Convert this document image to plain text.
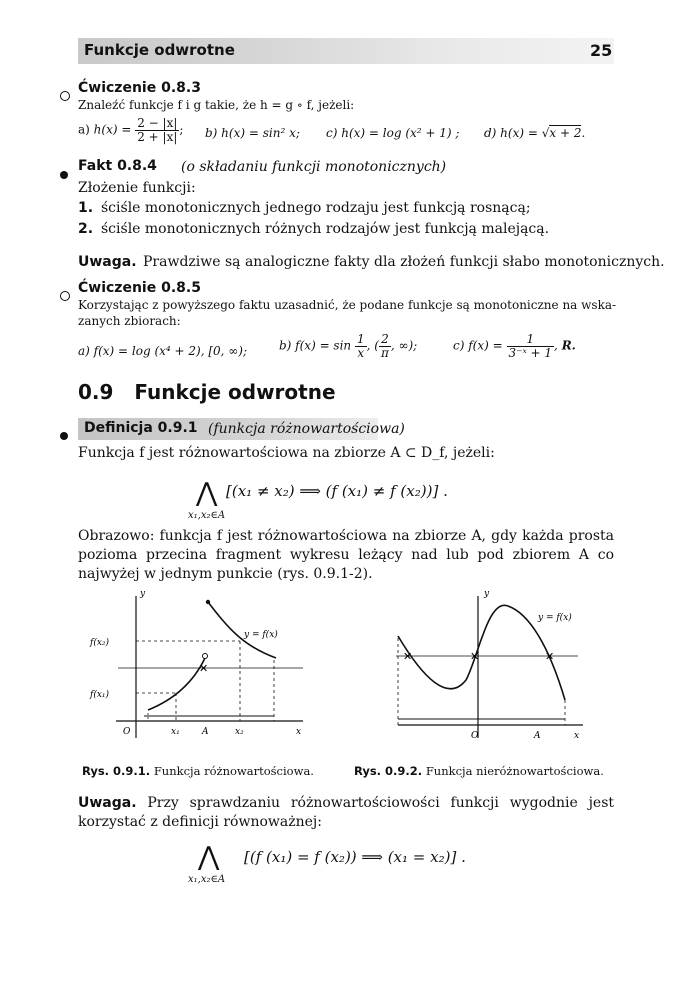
Funkcje odwrotne	25
Ćwiczenie 0.8.3
Znaleźć funkcje f i g takie, że h = g ∘ f, jeżeli:
a) $h(x) = \frac{2 - |x|}{2 + |x|}$ ; b) h(x) = sin² x; c) h(x) = log (x² + 1) ; d) h(x) = √x + 2.
Fakt 0.8.4 (o składaniu funkcji monotonicznych)
Złożenie funkcji:
1. ściśle monotonicznych jednego rodzaju jest funkcją rosnącą;
2. ściśle monotonicznych różnych rodzajów jest funkcją malejącą.
Uwaga. Prawdziwe są analogiczne fakty dla złożeń funkcji słabo monotonicznych.
Ćwiczenie 0.8.5
Korzystając z powyższego faktu uzasadnić, że podane funkcje są monotoniczne na wska-
zanych zbiorach:
a) f(x) = log (x⁴ + 2), [0, ∞);	b) $f(x) = \sin \frac{1}{x}$ , ( $\frac{2}{\pi}$ , ∞);	c) $f(x) = \frac{1}{\text{3⁻ˣ + 1}}$ , R.
0.9 Funkcje odwrotne
Definicja 0.9.1 (funkcja różnowartościowa)
Funkcja f jest różnowartościowa na zbiorze A ⊂ D_f, jeżeli:
⋀
x₁,x₂∈A
[(x₁ ≠ x₂) ⟹ (f (x₁) ≠ f (x₂))] .
Obrazowo: funkcja f jest różnowartościowa na zbiorze A, gdy każda prosta pozioma przecina fragment wykresu leżący nad lub pod zbiorem A co najwyżej w jednym punkcie (rys. 0.9.1-2).
✕
y
x
O
f(x₂)
f(x₁)
x₁ A	x₂
y = f(x)
✕	✕	✕
y
x
O	A
y = f(x)
Rys. 0.9.1. Funkcja różnowartościowa.	Rys. 0.9.2. Funkcja nieróżnowartościowa.
Uwaga. Przy sprawdzaniu różnowartościowości funkcji wygodnie jest korzystać z definicji równoważnej:
⋀
x₁,x₂∈A
[(f (x₁) = f (x₂)) ⟹ (x₁ = x₂)] .
